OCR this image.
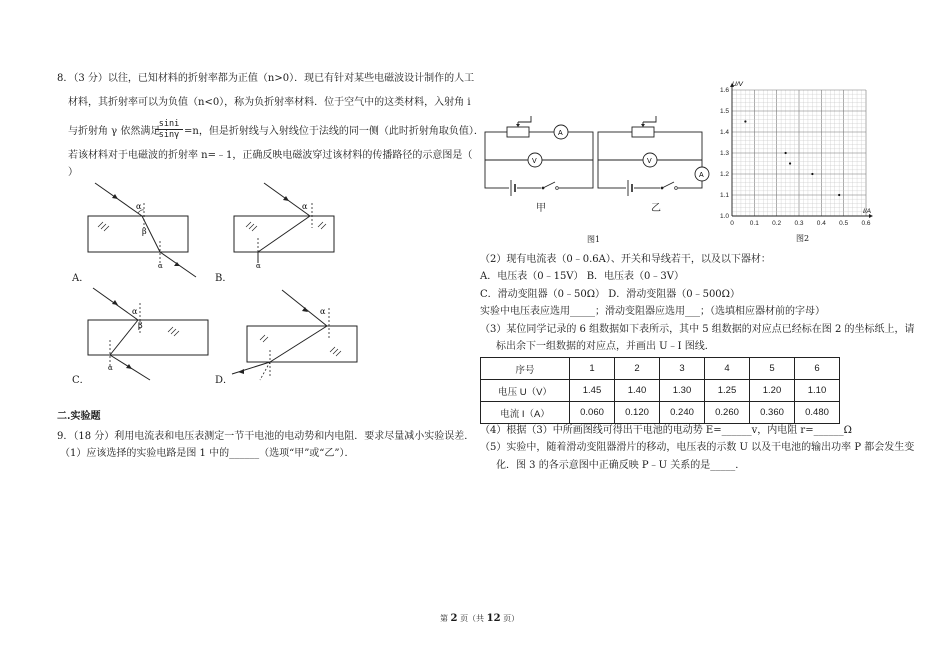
8．（3 分）以往，已知材料的折射率都为正值（n>0）．现已有针对某些电磁波设计制作的人工
材料，其折射率可以为负值（n<0），称为负折射率材料．位于空气中的这类材料，入射角 i
与折射角 γ 依然满足
$\frac{\sin i}{\sin\gamma} =n$，但是折射线与入射线位于法线的同一侧（此时折射角取负值）．
若该材料对于电磁波的折射率 n=﹣1，正确反映电磁波穿过该材料的传播路径的示意图是（
）
α
β
α
A．
α
α
B．
α
β
α
C．
α
D．
二.实验题
9．（18 分）利用电流表和电压表测定一节干电池的电动势和内电阻．要求尽量减小实验误差．
（1）应该选择的实验电路是图 1 中的______（选项“甲”或“乙”）．
A
V
甲
V
A
乙
图1
1.6
1.5
1.4
1.3
1.2
1.1
1.0
0 0.1 0.2 0.3 0.4 0.5 0.6
U/V
I/A
图2
（2）现有电流表（0﹣0.6A）、开关和导线若干，以及以下器材：
A．电压表（0﹣15V） B．电压表（0﹣3V）
C．滑动变阻器（0﹣50Ω） D．滑动变阻器（0﹣500Ω）
实验中电压表应选用_____；滑动变阻器应选用___；（选填相应器材前的字母）
（3）某位同学记录的 6 组数据如下表所示，其中 5 组数据的对应点已经标在图 2 的坐标纸上，请
标出余下一组数据的对应点，并画出 U﹣I 图线．
序号	1	2	3	4	5	6
电压 U（V）	1.45	1.40	1.30	1.25	1.20	1.10
电流 I（A）	0.060	0.120	0.240	0.260	0.360	0.480
（4）根据（3）中所画图线可得出干电池的电动势 E=______v，内电阻 r=______Ω
（5）实验中，随着滑动变阻器滑片的移动，电压表的示数 U 以及干电池的输出功率 P 都会发生变
化．图 3 的各示意图中正确反映 P﹣U 关系的是_____．
第 2 页（共 12 页）
